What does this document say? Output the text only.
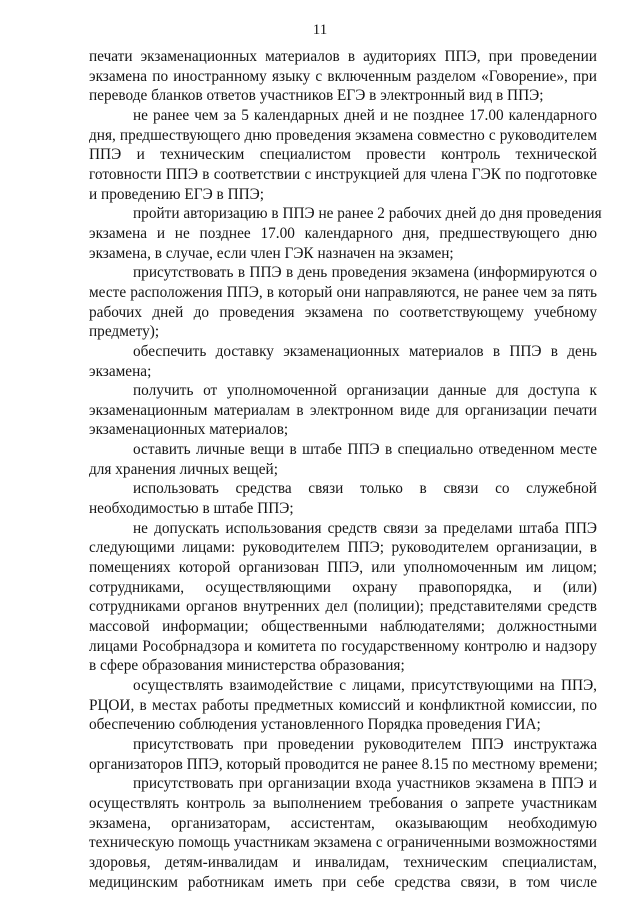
11
печати экзаменационных материалов в аудиториях ППЭ, при проведении
экзамена по иностранному языку с включенным разделом «Говорение», при
переводе бланков ответов участников ЕГЭ в электронный вид в ППЭ;
не ранее чем за 5 календарных дней и не позднее 17.00 календарного
дня, предшествующего дню проведения экзамена совместно с руководителем
ППЭ и техническим специалистом провести контроль технической
готовности ППЭ в соответствии с инструкцией для члена ГЭК по подготовке
и проведению ЕГЭ в ППЭ;
пройти авторизацию в ППЭ не ранее 2 рабочих дней до дня проведения
экзамена и не позднее 17.00 календарного дня, предшествующего дню
экзамена, в случае, если член ГЭК назначен на экзамен;
присутствовать в ППЭ в день проведения экзамена (информируются о
месте расположения ППЭ, в который они направляются, не ранее чем за пять
рабочих дней до проведения экзамена по соответствующему учебному
предмету);
обеспечить доставку экзаменационных материалов в ППЭ в день
экзамена;
получить от уполномоченной организации данные для доступа к
экзаменационным материалам в электронном виде для организации печати
экзаменационных материалов;
оставить личные вещи в штабе ППЭ в специально отведенном месте
для хранения личных вещей;
использовать средства связи только в связи со служебной
необходимостью в штабе ППЭ;
не допускать использования средств связи за пределами штаба ППЭ
следующими лицами: руководителем ППЭ; руководителем организации, в
помещениях которой организован ППЭ, или уполномоченным им лицом;
сотрудниками, осуществляющими охрану правопорядка, и (или)
сотрудниками органов внутренних дел (полиции); представителями средств
массовой информации; общественными наблюдателями; должностными
лицами Рособрнадзора и комитета по государственному контролю и надзору
в сфере образования министерства образования;
осуществлять взаимодействие с лицами, присутствующими на ППЭ,
РЦОИ, в местах работы предметных комиссий и конфликтной комиссии, по
обеспечению соблюдения установленного Порядка проведения ГИА;
присутствовать при проведении руководителем ППЭ инструктажа
организаторов ППЭ, который проводится не ранее 8.15 по местному времени;
присутствовать при организации входа участников экзамена в ППЭ и
осуществлять контроль за выполнением требования о запрете участникам
экзамена, организаторам, ассистентам, оказывающим необходимую
техническую помощь участникам экзамена с ограниченными возможностями
здоровья, детям-инвалидам и инвалидам, техническим специалистам,
медицинским работникам иметь при себе средства связи, в том числе
